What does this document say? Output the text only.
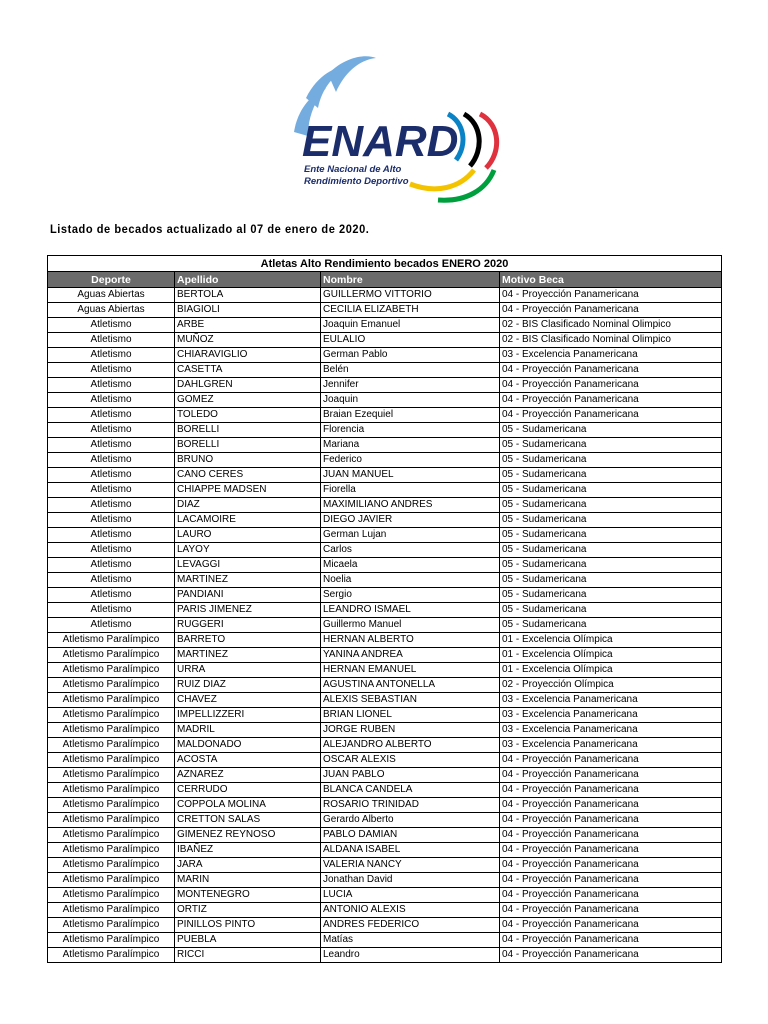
ENARD
Ente Nacional de Alto
Rendimiento Deportivo
Listado de becados actualizado al 07 de enero de 2020.
Atletas Alto Rendimiento becados ENERO 2020			
Deporte	Apellido	Nombre	Motivo Beca
Aguas Abiertas	BERTOLA	GUILLERMO VITTORIO	04 - Proyección Panamericana
Aguas Abiertas	BIAGIOLI	CECILIA ELIZABETH	04 - Proyección Panamericana
Atletismo	ARBE	Joaquin Emanuel	02 - BIS Clasificado Nominal Olimpico
Atletismo	MUÑOZ	EULALIO	02 - BIS Clasificado Nominal Olimpico
Atletismo	CHIARAVIGLIO	German Pablo	03 - Excelencia Panamericana
Atletismo	CASETTA	Belén	04 - Proyección Panamericana
Atletismo	DAHLGREN	Jennifer	04 - Proyección Panamericana
Atletismo	GOMEZ	Joaquin	04 - Proyección Panamericana
Atletismo	TOLEDO	Braian Ezequiel	04 - Proyección Panamericana
Atletismo	BORELLI	Florencia	05 - Sudamericana
Atletismo	BORELLI	Mariana	05 - Sudamericana
Atletismo	BRUNO	Federico	05 - Sudamericana
Atletismo	CANO CERES	JUAN MANUEL	05 - Sudamericana
Atletismo	CHIAPPE MADSEN	Fiorella	05 - Sudamericana
Atletismo	DIAZ	MAXIMILIANO ANDRES	05 - Sudamericana
Atletismo	LACAMOIRE	DIEGO JAVIER	05 - Sudamericana
Atletismo	LAURO	German Lujan	05 - Sudamericana
Atletismo	LAYOY	Carlos	05 - Sudamericana
Atletismo	LEVAGGI	Micaela	05 - Sudamericana
Atletismo	MARTINEZ	Noelia	05 - Sudamericana
Atletismo	PANDIANI	Sergio	05 - Sudamericana
Atletismo	PARIS JIMENEZ	LEANDRO ISMAEL	05 - Sudamericana
Atletismo	RUGGERI	Guillermo Manuel	05 - Sudamericana
Atletismo Paralímpico	BARRETO	HERNAN ALBERTO	01 - Excelencia Olímpica
Atletismo Paralímpico	MARTINEZ	YANINA ANDREA	01 - Excelencia Olímpica
Atletismo Paralímpico	URRA	HERNAN EMANUEL	01 - Excelencia Olímpica
Atletismo Paralímpico	RUIZ DIAZ	AGUSTINA ANTONELLA	02 - Proyección Olímpica
Atletismo Paralímpico	CHAVEZ	ALEXIS SEBASTIAN	03 - Excelencia Panamericana
Atletismo Paralímpico	IMPELLIZZERI	BRIAN LIONEL	03 - Excelencia Panamericana
Atletismo Paralímpico	MADRIL	JORGE RUBEN	03 - Excelencia Panamericana
Atletismo Paralímpico	MALDONADO	ALEJANDRO ALBERTO	03 - Excelencia Panamericana
Atletismo Paralímpico	ACOSTA	OSCAR ALEXIS	04 - Proyección Panamericana
Atletismo Paralímpico	AZNAREZ	JUAN PABLO	04 - Proyección Panamericana
Atletismo Paralímpico	CERRUDO	BLANCA CANDELA	04 - Proyección Panamericana
Atletismo Paralímpico	COPPOLA MOLINA	ROSARIO TRINIDAD	04 - Proyección Panamericana
Atletismo Paralímpico	CRETTON SALAS	Gerardo Alberto	04 - Proyección Panamericana
Atletismo Paralímpico	GIMENEZ REYNOSO	PABLO DAMIAN	04 - Proyección Panamericana
Atletismo Paralímpico	IBAÑEZ	ALDANA ISABEL	04 - Proyección Panamericana
Atletismo Paralímpico	JARA	VALERIA NANCY	04 - Proyección Panamericana
Atletismo Paralímpico	MARIN	Jonathan David	04 - Proyección Panamericana
Atletismo Paralímpico	MONTENEGRO	LUCIA	04 - Proyección Panamericana
Atletismo Paralímpico	ORTIZ	ANTONIO ALEXIS	04 - Proyección Panamericana
Atletismo Paralímpico	PINILLOS PINTO	ANDRES FEDERICO	04 - Proyección Panamericana
Atletismo Paralímpico	PUEBLA	Matías	04 - Proyección Panamericana
Atletismo Paralímpico	RICCI	Leandro	04 - Proyección Panamericana
